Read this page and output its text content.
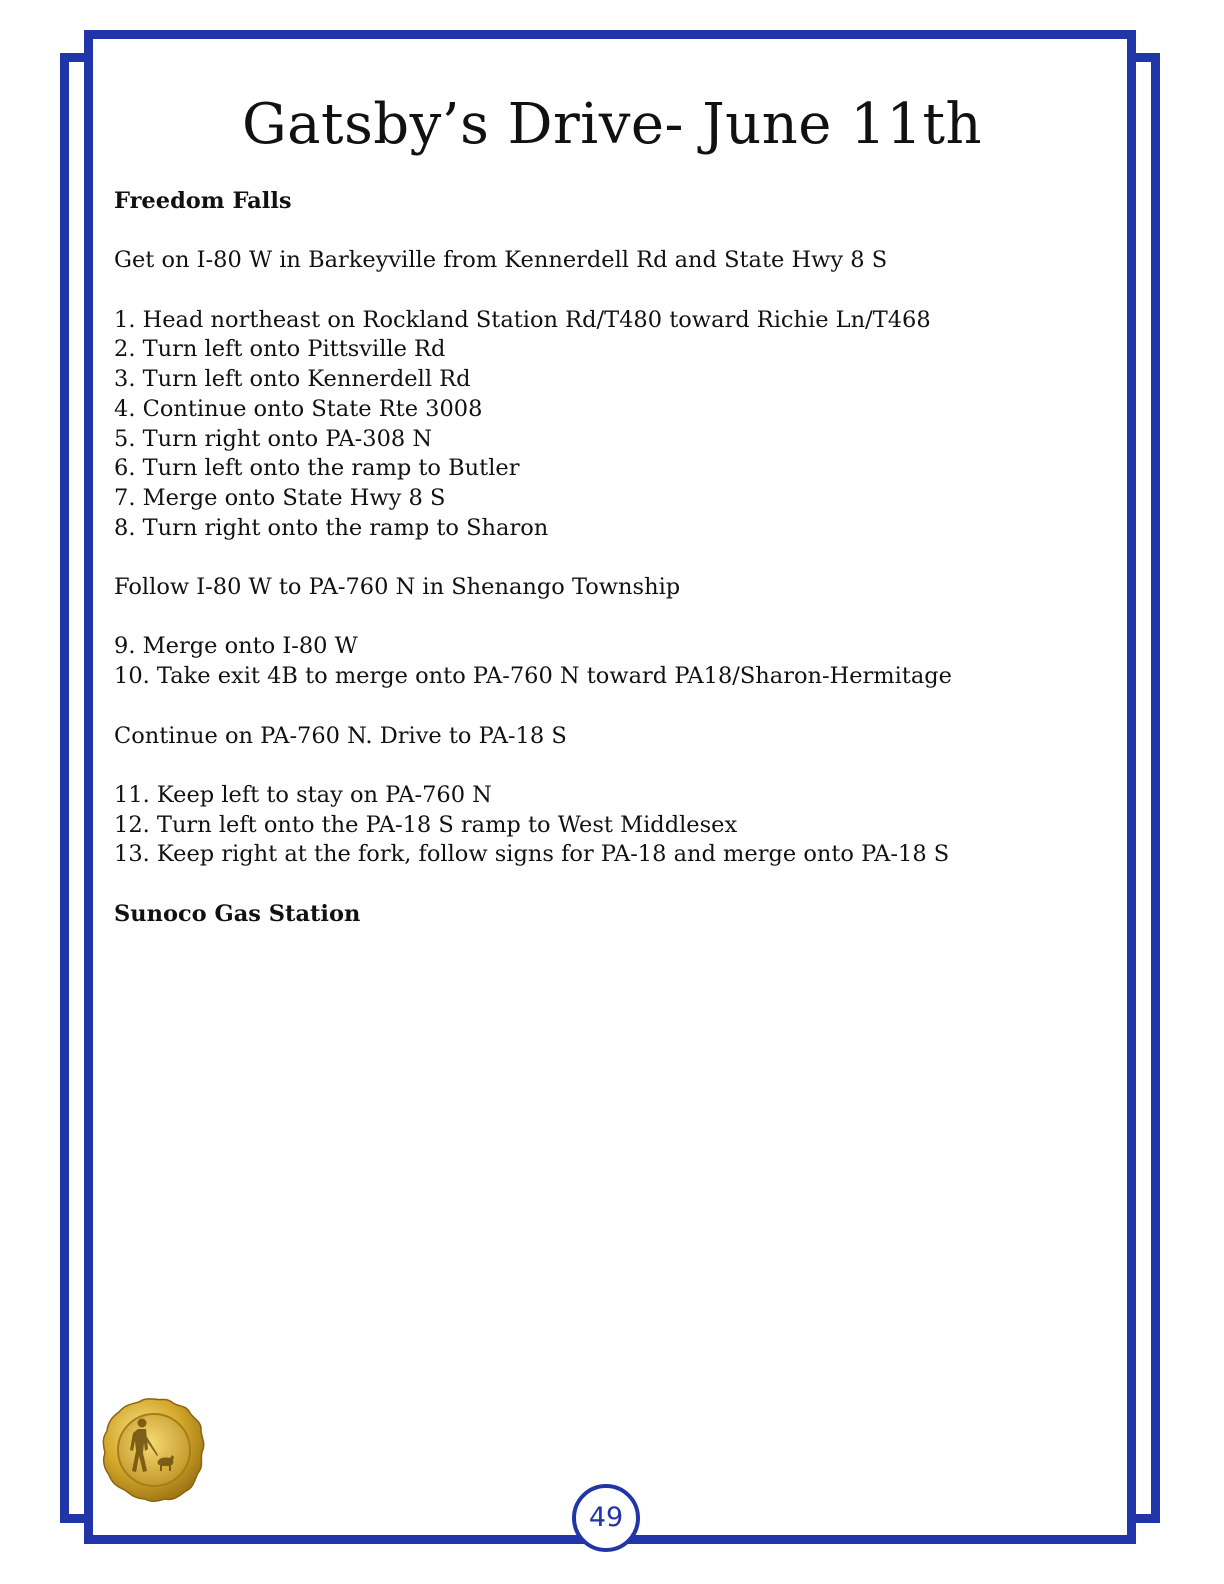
Gatsby’s Drive- June 11th
Freedom Falls
Get on I-80 W in Barkeyville from Kennerdell Rd and State Hwy 8 S
1. Head northeast on Rockland Station Rd/T480 toward Richie Ln/T468
2. Turn left onto Pittsville Rd
3. Turn left onto Kennerdell Rd
4. Continue onto State Rte 3008
5. Turn right onto PA-308 N
6. Turn left onto the ramp to Butler
7. Merge onto State Hwy 8 S
8. Turn right onto the ramp to Sharon
Follow I-80 W to PA-760 N in Shenango Township
9. Merge onto I-80 W
10. Take exit 4B to merge onto PA-760 N toward PA18/Sharon-Hermitage
Continue on PA-760 N. Drive to PA-18 S
11. Keep left to stay on PA-760 N
12. Turn left onto the PA-18 S ramp to West Middlesex
13. Keep right at the fork, follow signs for PA-18 and merge onto PA-18 S
Sunoco Gas Station
49
